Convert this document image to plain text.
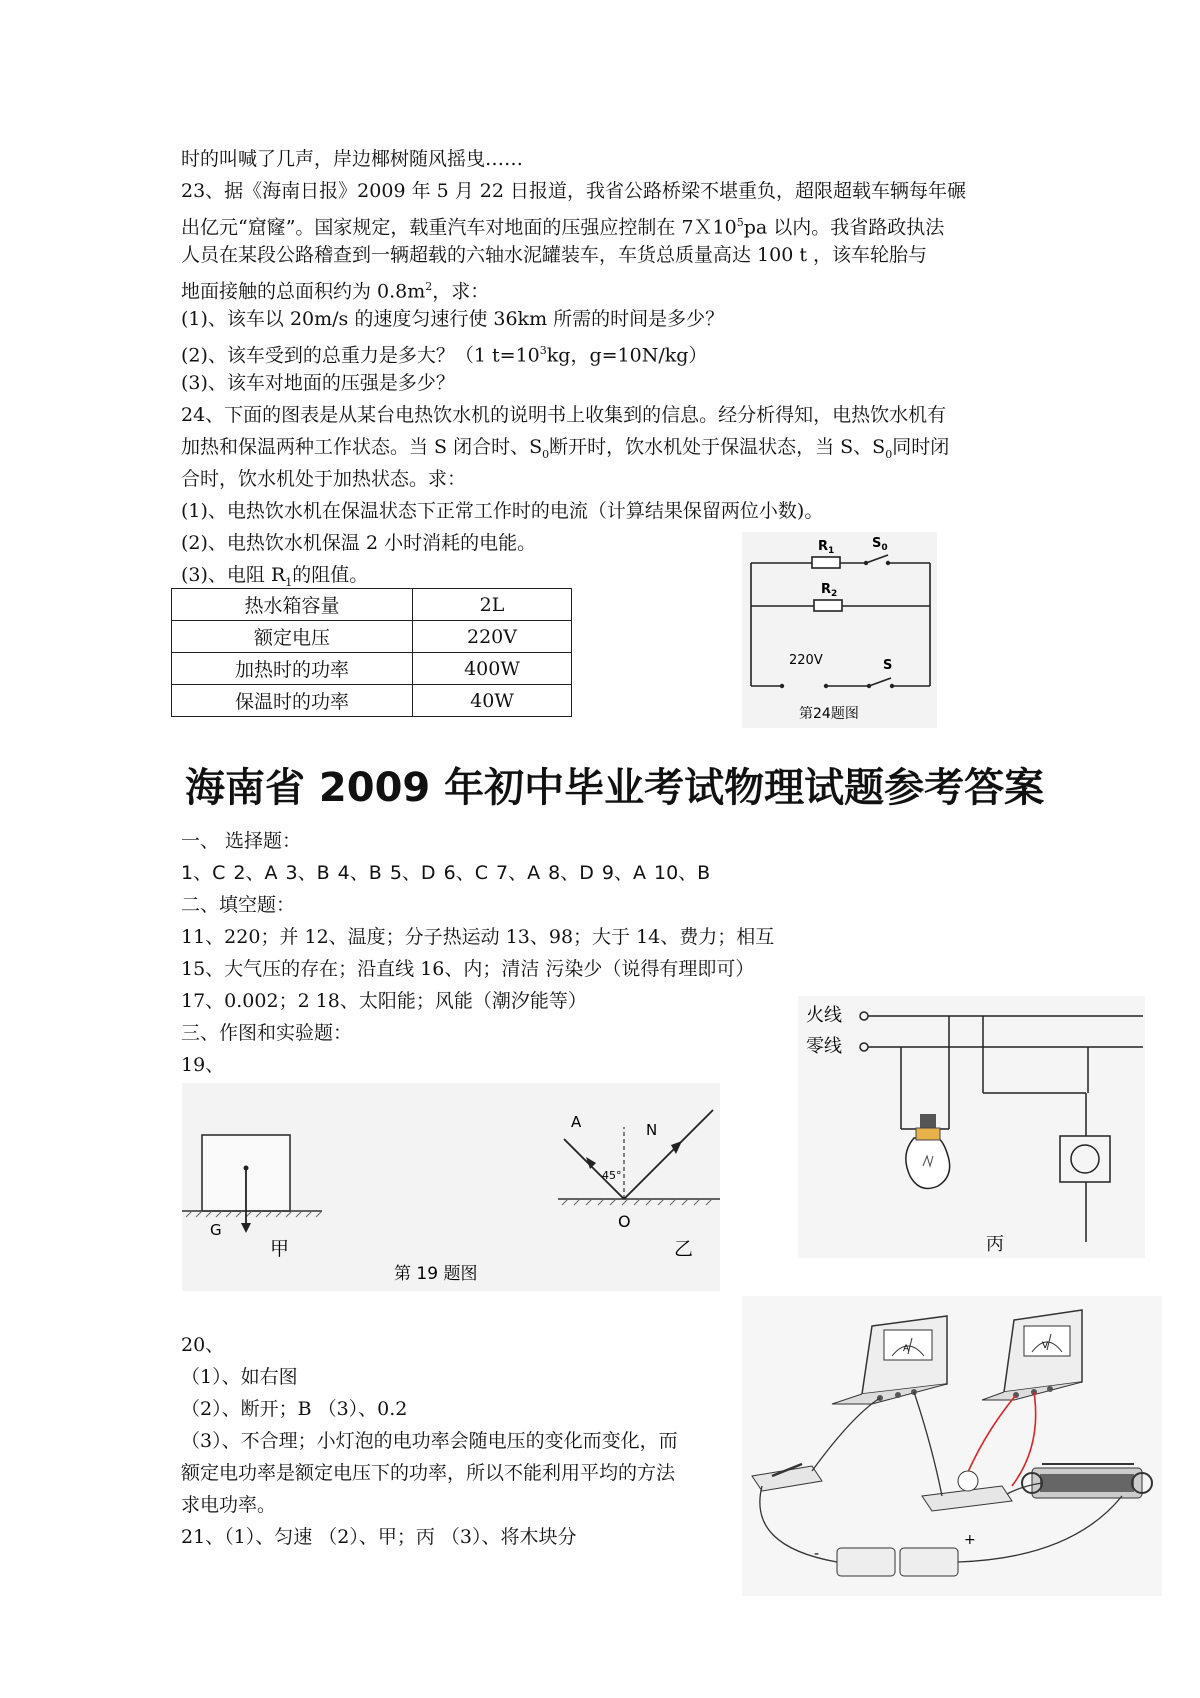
时的叫喊了几声，岸边椰树随风摇曳……
23、据《海南日报》2009 年 5 月 22 日报道，我省公路桥梁不堪重负，超限超载车辆每年碾
出亿元“窟窿”。国家规定，载重汽车对地面的压强应控制在 $7X10^5pa$ 以内。我省路政执法
人员在某段公路稽查到一辆超载的六轴水泥罐装车，车货总质量高达 100 t ，该车轮胎与
地面接触的总面积约为 $0.8m^2$，求：
(1)、该车以 20m/s 的速度匀速行使 36km 所需的时间是多少？
(2)、该车受到的总重力是多大？（1 $t=10^3kg$，g=10N/kg）
(3)、该车对地面的压强是多少？
24、下面的图表是从某台电热饮水机的说明书上收集到的信息。经分析得知，电热饮水机有
加热和保温两种工作状态。当 S 闭合时、$S_0$断开时，饮水机处于保温状态，当 S、$S_0$同时闭
合时，饮水机处于加热状态。求：
(1)、电热饮水机在保温状态下正常工作时的电流（计算结果保留两位小数)。
(2)、电热饮水机保温 2 小时消耗的电能。
(3)、电阻 $R_1$的阻值。
热水箱容量	2L
额定电压	220V
加热时的功率	400W
保温时的功率	40W
$R_1$	$S_0$
$R_2$
220V	S
第24题图
海南省 2009 年初中毕业考试物理试题参考答案
一、 选择题：
1、C 2、A 3、B 4、B 5、D 6、C 7、A 8、D 9、A 10、B
二、填空题：
11、220；并 12、温度；分子热运动 13、98；大于 14、费力；相互
15、大气压的存在；沿直线 16、内；清洁 污染少（说得有理即可）
17、0.002；2 18、太阳能；风能（潮汐能等）
三、作图和实验题：
19、
G
甲
A	N
45°
O
乙
第 19 题图
火线
零线
丙
20、
（1）、如右图
（2）、断开；B （3）、0.2
（3）、不合理；小灯泡的电功率会随电压的变化而变化，而
额定电功率是额定电压下的功率，所以不能利用平均的方法
求电功率。
21、（1）、匀速 （2）、甲；丙 （3）、将木块分
A	V
-
+
